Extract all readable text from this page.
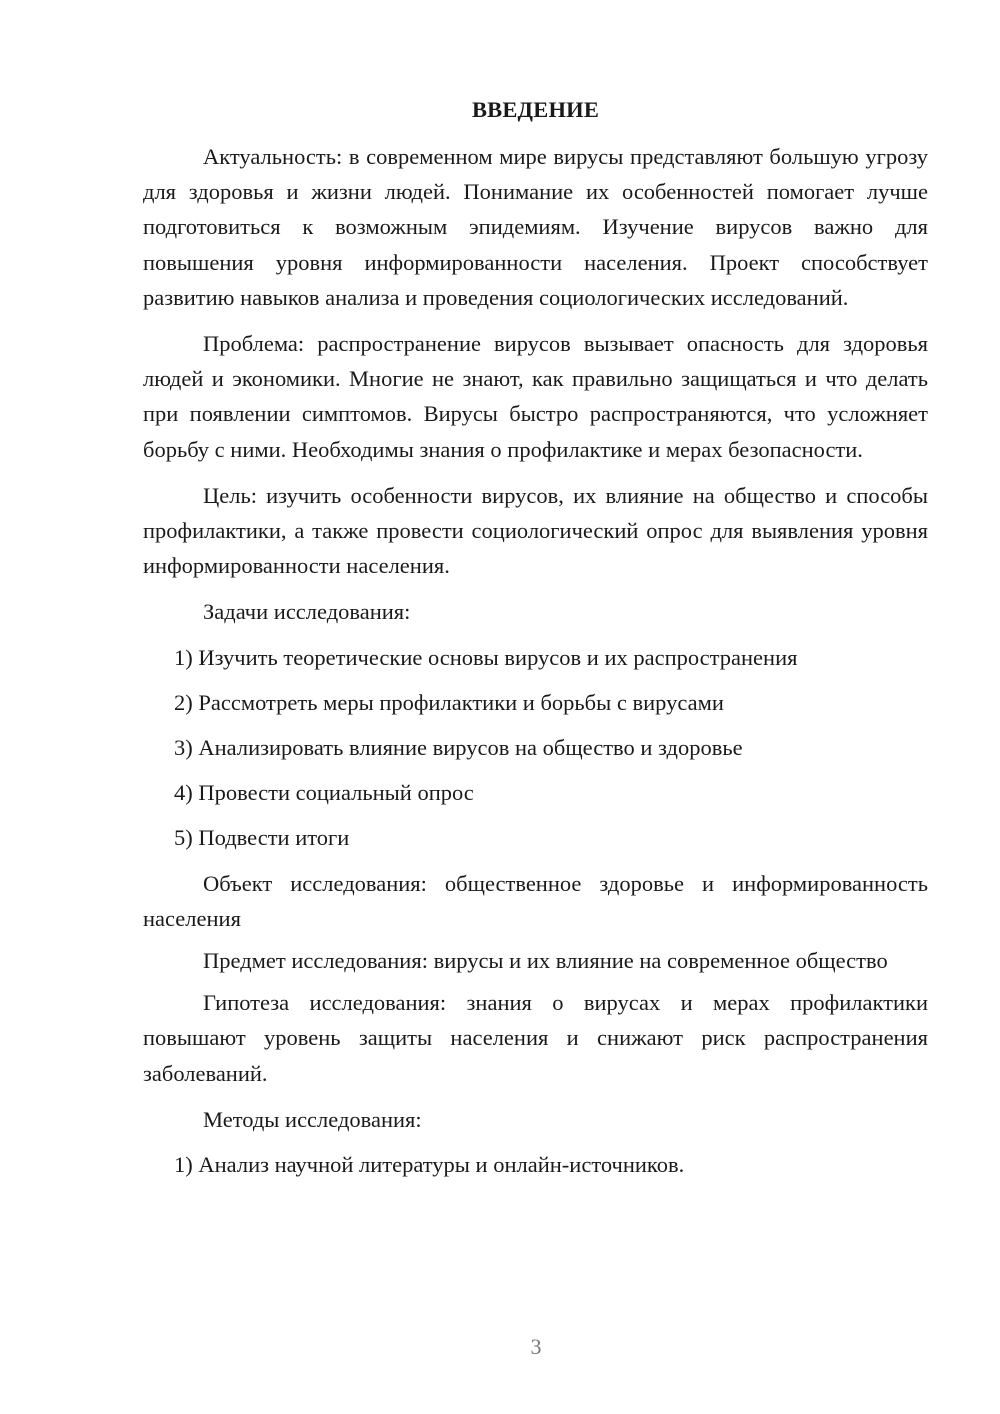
ВВЕДЕНИЕ

Актуальность: в современном мире вирусы представляют большую угрозу для здоровья и жизни людей. Понимание их особенностей помогает лучше подготовиться к возможным эпидемиям. Изучение вирусов важно для повышения уровня информированности населения. Проект способствует развитию навыков анализа и проведения социологических исследований.

Проблема: распространение вирусов вызывает опасность для здоровья людей и экономики. Многие не знают, как правильно защищаться и что делать при появлении симптомов. Вирусы быстро распространяются, что усложняет борьбу с ними. Необходимы знания о профилактике и мерах безопасности.

Цель: изучить особенности вирусов, их влияние на общество и способы профилактики, а также провести социологический опрос для выявления уровня информированности населения.

Задачи исследования:
1) Изучить теоретические основы вирусов и их распространения
2) Рассмотреть меры профилактики и борьбы с вирусами
3) Анализировать влияние вирусов на общество и здоровье
4) Провести социальный опрос
5) Подвести итоги

Объект исследования: общественное здоровье и информированность населения

Предмет исследования: вирусы и их влияние на современное общество

Гипотеза исследования: знания о вирусах и мерах профилактики повышают уровень защиты населения и снижают риск распространения заболеваний.

Методы исследования:
1) Анализ научной литературы и онлайн-источников.
3
